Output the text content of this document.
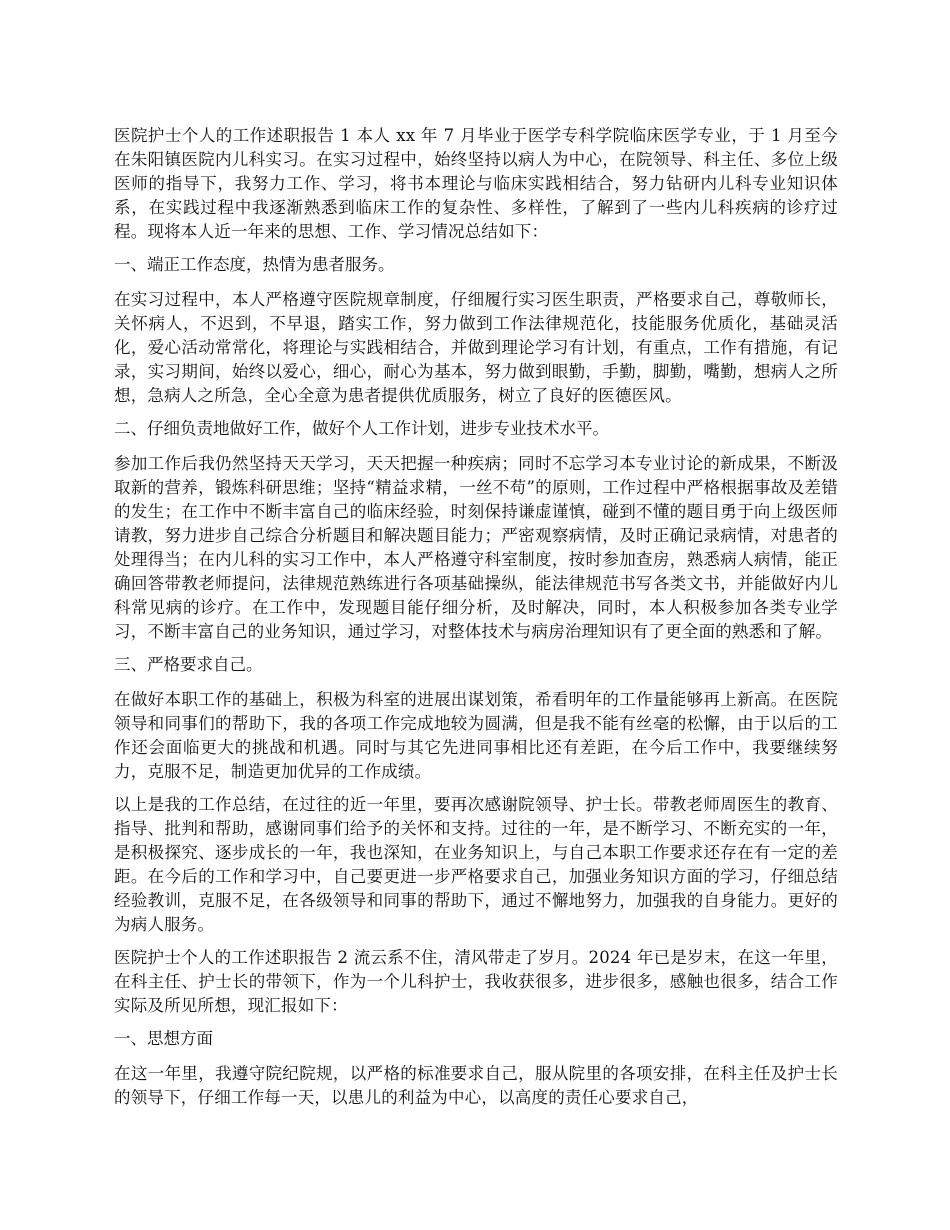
医院护士个人的工作述职报告 1 本人 xx 年 7 月毕业于医学专科学院临床医学专业，于 1 月至今在朱阳镇医院内儿科实习。在实习过程中，始终坚持以病人为中心，在院领导、科主任、多位上级医师的指导下，我努力工作、学习，将书本理论与临床实践相结合，努力钻研内儿科专业知识体系，在实践过程中我逐渐熟悉到临床工作的复杂性、多样性，了解到了一些内儿科疾病的诊疗过程。现将本人近一年来的思想、工作、学习情况总结如下：

一、端正工作态度，热情为患者服务。

在实习过程中，本人严格遵守医院规章制度，仔细履行实习医生职责，严格要求自己，尊敬师长，关怀病人，不迟到，不早退，踏实工作，努力做到工作法律规范化，技能服务优质化，基础灵活化，爱心活动常常化，将理论与实践相结合，并做到理论学习有计划，有重点，工作有措施，有记录，实习期间，始终以爱心，细心，耐心为基本，努力做到眼勤，手勤，脚勤，嘴勤，想病人之所想，急病人之所急，全心全意为患者提供优质服务，树立了良好的医德医风。

二、仔细负责地做好工作，做好个人工作计划，进步专业技术水平。

参加工作后我仍然坚持天天学习，天天把握一种疾病；同时不忘学习本专业讨论的新成果，不断汲取新的营养，锻炼科研思维；坚持“精益求精，一丝不苟”的原则，工作过程中严格根据事故及差错的发生；在工作中不断丰富自己的临床经验，时刻保持谦虚谨慎，碰到不懂的题目勇于向上级医师请教，努力进步自己综合分析题目和解决题目能力；严密观察病情，及时正确记录病情，对患者的处理得当；在内儿科的实习工作中，本人严格遵守科室制度，按时参加查房，熟悉病人病情，能正确回答带教老师提问，法律规范熟练进行各项基础操纵，能法律规范书写各类文书，并能做好内儿科常见病的诊疗。在工作中，发现题目能仔细分析，及时解决，同时，本人积极参加各类专业学习，不断丰富自己的业务知识，通过学习，对整体技术与病房治理知识有了更全面的熟悉和了解。

三、严格要求自己。

在做好本职工作的基础上，积极为科室的进展出谋划策，希看明年的工作量能够再上新高。在医院领导和同事们的帮助下，我的各项工作完成地较为圆满，但是我不能有丝毫的松懈，由于以后的工作还会面临更大的挑战和机遇。同时与其它先进同事相比还有差距，在今后工作中，我要继续努力，克服不足，制造更加优异的工作成绩。

以上是我的工作总结，在过往的近一年里，要再次感谢院领导、护士长。带教老师周医生的教育、指导、批判和帮助，感谢同事们给予的关怀和支持。过往的一年，是不断学习、不断充实的一年，是积极探究、逐步成长的一年，我也深知，在业务知识上，与自己本职工作要求还存在有一定的差距。在今后的工作和学习中，自己要更进一步严格要求自己，加强业务知识方面的学习，仔细总结经验教训，克服不足，在各级领导和同事的帮助下，通过不懈地努力，加强我的自身能力。更好的为病人服务。

医院护士个人的工作述职报告 2 流云系不住，清风带走了岁月。2024 年已是岁末，在这一年里，在科主任、护士长的带领下，作为一个儿科护士，我收获很多，进步很多，感触也很多，结合工作实际及所见所想，现汇报如下：

一、思想方面

在这一年里，我遵守院纪院规，以严格的标准要求自己，服从院里的各项安排，在科主任及护士长的领导下，仔细工作每一天，以患儿的利益为中心，以高度的责任心要求自己，
